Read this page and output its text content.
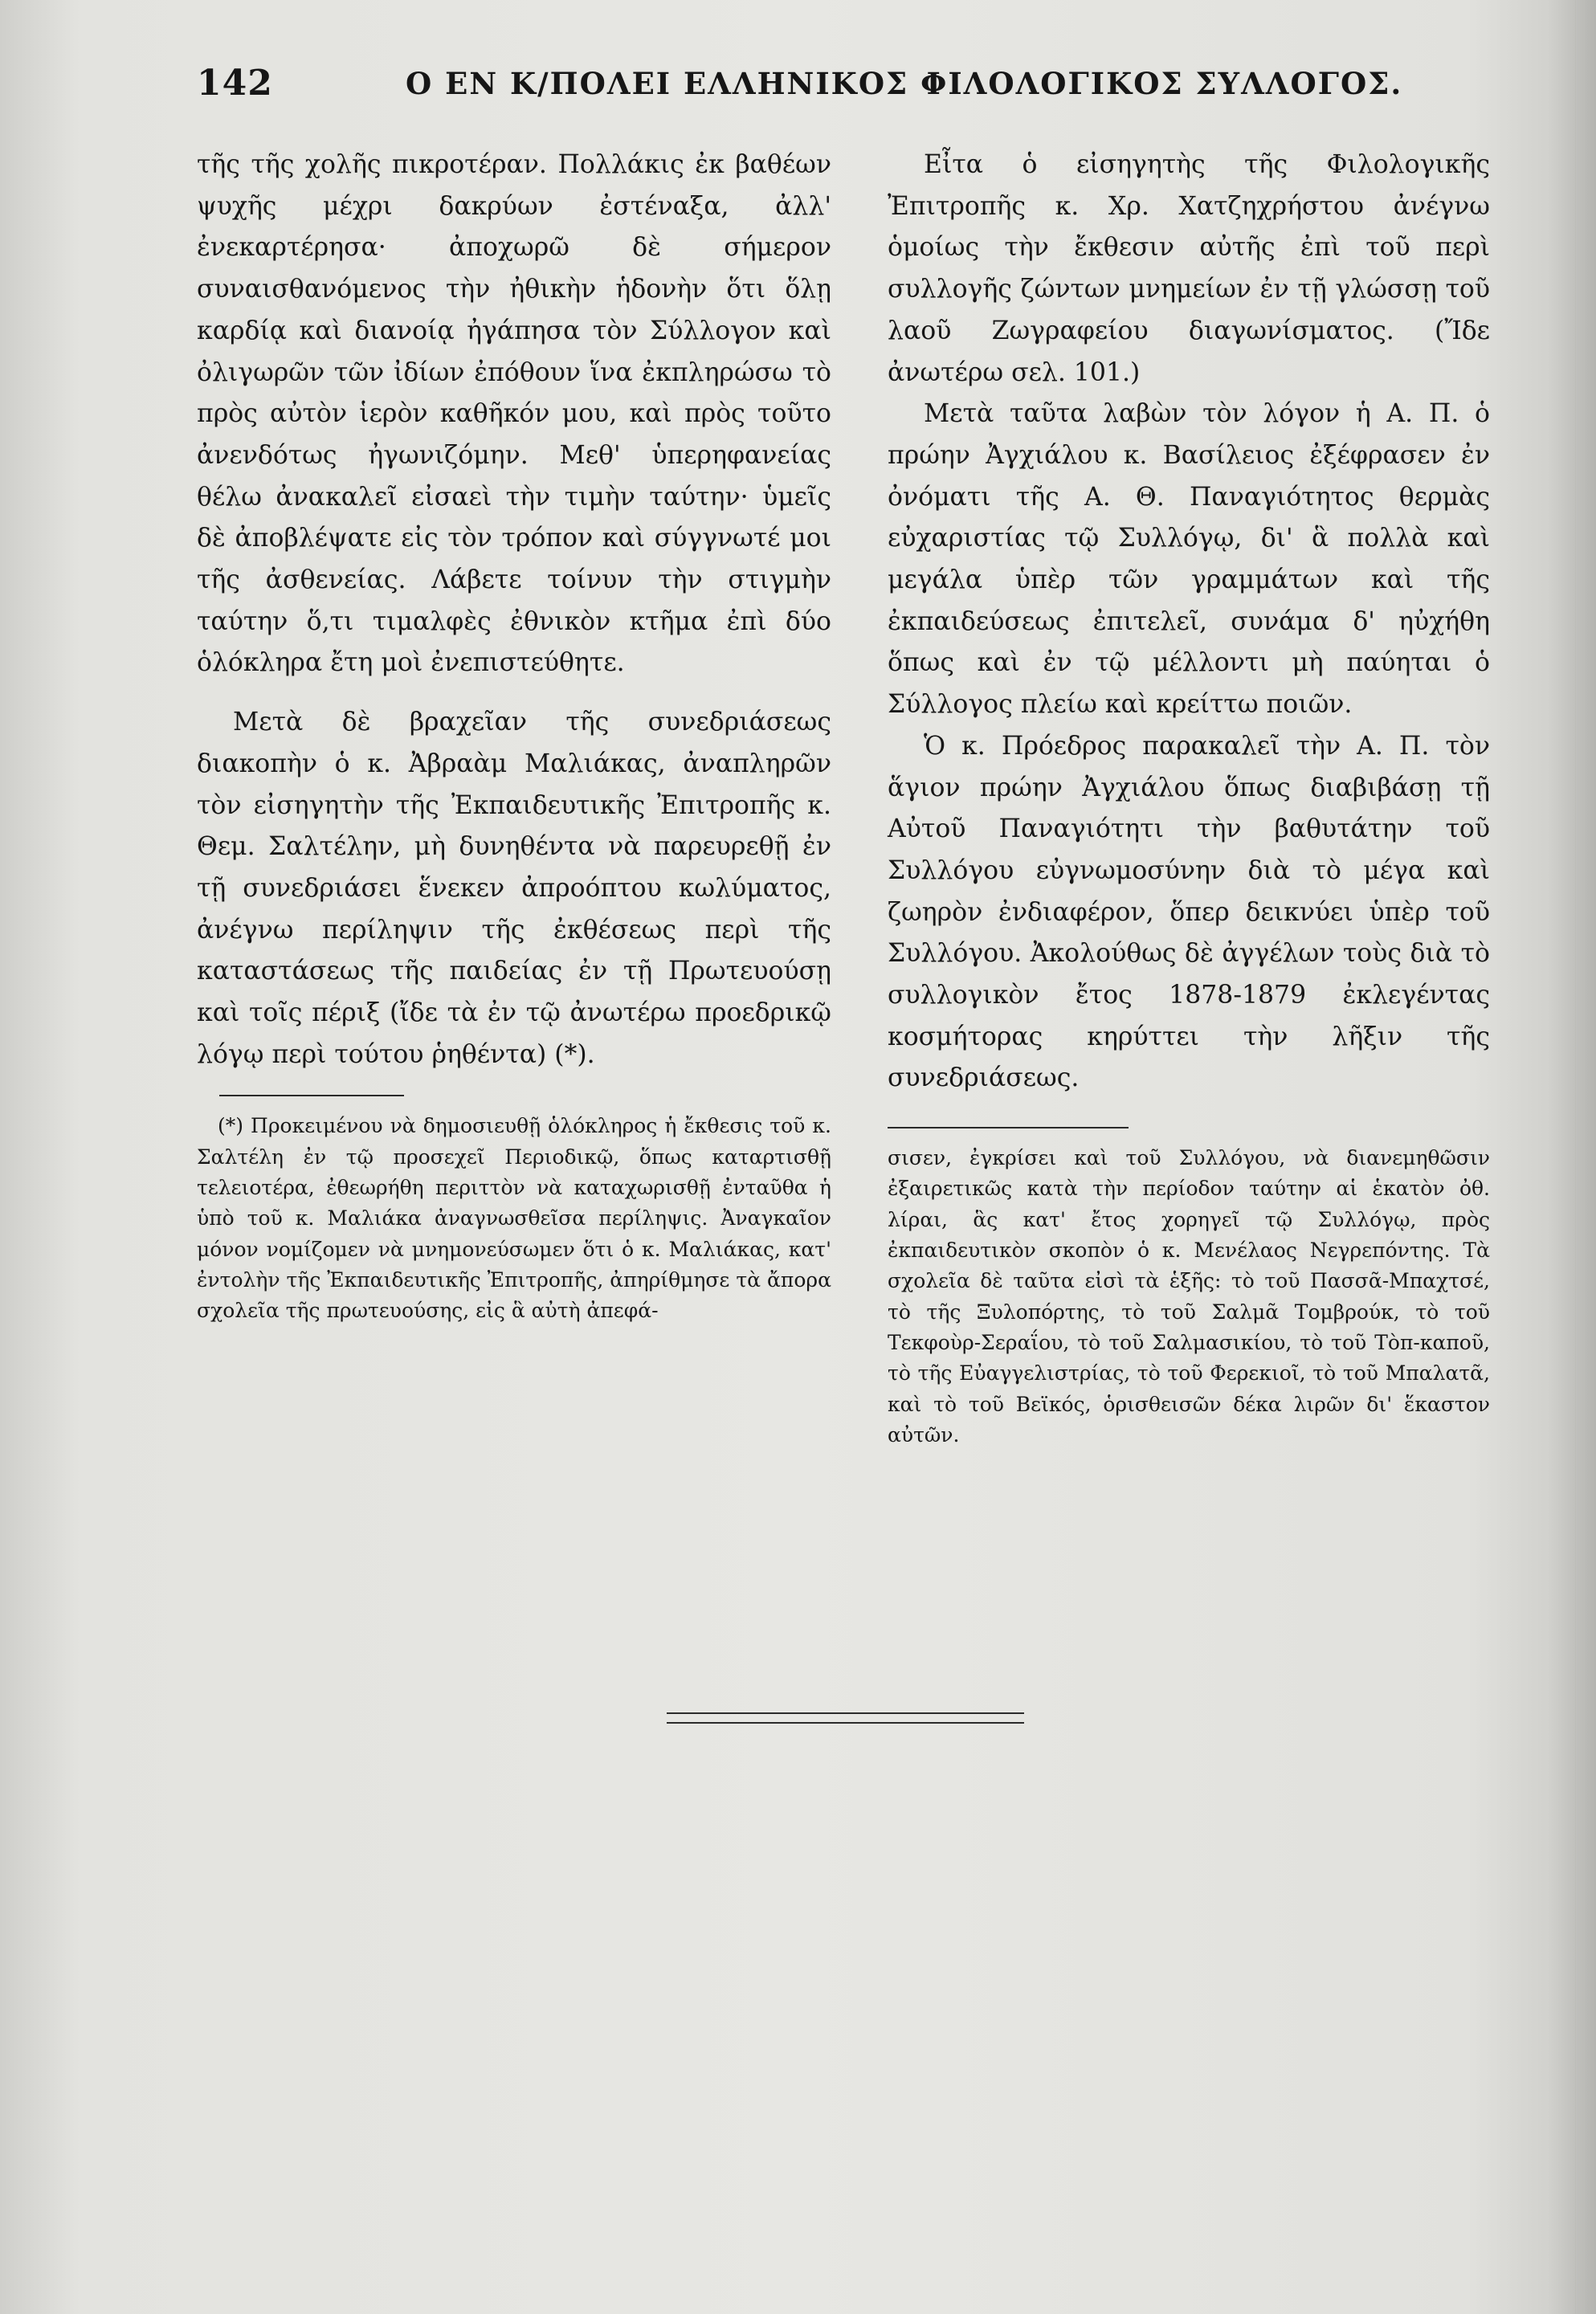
142	Ο ΕΝ Κ/ΠΟΛΕΙ ΕΛΛΗΝΙΚΟΣ ΦΙΛΟΛΟΓΙΚΟΣ ΣΥΛΛΟΓΟΣ.

τῆς τῆς χολῆς πικροτέραν. Πολλάκις ἐκ βαθέων ψυχῆς μέχρι δακρύων ἐστέναξα, ἀλλ' ἐνεκαρτέρησα· ἀποχωρῶ δὲ σήμερον συναισθανόμενος τὴν ἠθικὴν ἡδονὴν ὅτι ὅλῃ καρδίᾳ καὶ διανοίᾳ ἠγάπησα τὸν Σύλλογον καὶ ὀλιγωρῶν τῶν ἰδίων ἐπόθουν ἵνα ἐκπληρώσω τὸ πρὸς αὐτὸν ἱερὸν καθῆκόν μου, καὶ πρὸς τοῦτο ἀνενδότως ἠγωνιζόμην. Μεθ' ὑπερηφανείας θέλω ἀνακαλεῖ εἰσαεὶ τὴν τιμὴν ταύτην· ὑμεῖς δὲ ἀποβλέψατε εἰς τὸν τρόπον καὶ σύγγνωτέ μοι τῆς ἀσθενείας. Λάβετε τοίνυν τὴν στιγμὴν ταύτην ὅ,τι τιμαλφὲς ἐθνικὸν κτῆμα ἐπὶ δύο ὁλόκληρα ἔτη μοὶ ἐνεπιστεύθητε.

Μετὰ δὲ βραχεῖαν τῆς συνεδριάσεως διακοπὴν ὁ κ. Ἀβραὰμ Μαλιάκας, ἀναπληρῶν τὸν εἰσηγητὴν τῆς Ἐκπαιδευτικῆς Ἐπιτροπῆς κ. Θεμ. Σαλτέλην, μὴ δυνηθέντα νὰ παρευρεθῇ ἐν τῇ συνεδριάσει ἕνεκεν ἀπροόπτου κωλύματος, ἀνέγνω περίληψιν τῆς ἐκθέσεως περὶ τῆς καταστάσεως τῆς παιδείας ἐν τῇ Πρωτευούσῃ καὶ τοῖς πέριξ (ἴδε τὰ ἐν τῷ ἀνωτέρω προεδρικῷ λόγῳ περὶ τούτου ῥηθέντα) (*).

(*) Προκειμένου νὰ δημοσιευθῇ ὁλόκληρος ἡ ἔκθεσις τοῦ κ. Σαλτέλη ἐν τῷ προσεχεῖ Περιοδικῷ, ὅπως καταρτισθῇ τελειοτέρα, ἐθεωρήθη περιττὸν νὰ καταχωρισθῇ ἐνταῦθα ἡ ὑπὸ τοῦ κ. Μαλιάκα ἀναγνωσθεῖσα περίληψις. Ἀναγκαῖον μόνον νομίζομεν νὰ μνημονεύσωμεν ὅτι ὁ κ. Μαλιάκας, κατ' ἐντολὴν τῆς Ἐκπαιδευτικῆς Ἐπιτροπῆς, ἀπηρίθμησε τὰ ἄπορα σχολεῖα τῆς πρωτευούσης, εἰς ἃ αὐτὴ ἀπεφά-

Εἶτα ὁ εἰσηγητὴς τῆς Φιλολογικῆς Ἐπιτροπῆς κ. Χρ. Χατζηχρήστου ἀνέγνω ὁμοίως τὴν ἔκθεσιν αὐτῆς ἐπὶ τοῦ περὶ συλλογῆς ζώντων μνημείων ἐν τῇ γλώσσῃ τοῦ λαοῦ Ζωγραφείου διαγωνίσματος. (Ἴδε ἀνωτέρω σελ. 101.)

Μετὰ ταῦτα λαβὼν τὸν λόγον ἡ Α. Π. ὁ πρώην Ἀγχιάλου κ. Βασίλειος ἐξέφρασεν ἐν ὀνόματι τῆς Α. Θ. Παναγιότητος θερμὰς εὐχαριστίας τῷ Συλλόγῳ, δι' ἃ πολλὰ καὶ μεγάλα ὑπὲρ τῶν γραμμάτων καὶ τῆς ἐκπαιδεύσεως ἐπιτελεῖ, συνάμα δ' ηὐχήθη ὅπως καὶ ἐν τῷ μέλλοντι μὴ παύηται ὁ Σύλλογος πλείω καὶ κρείττω ποιῶν.

Ὁ κ. Πρόεδρος παρακαλεῖ τὴν Α. Π. τὸν ἅγιον πρώην Ἀγχιάλου ὅπως διαβιβάσῃ τῇ Αὐτοῦ Παναγιότητι τὴν βαθυτάτην τοῦ Συλλόγου εὐγνωμοσύνην διὰ τὸ μέγα καὶ ζωηρὸν ἐνδιαφέρον, ὅπερ δεικνύει ὑπὲρ τοῦ Συλλόγου. Ἀκολούθως δὲ ἀγγέλων τοὺς διὰ τὸ συλλογικὸν ἔτος 1878-1879 ἐκλεγέντας κοσμήτορας κηρύττει τὴν λῆξιν τῆς συνεδριάσεως.

σισεν, ἐγκρίσει καὶ τοῦ Συλλόγου, νὰ διανεμηθῶσιν ἐξαιρετικῶς κατὰ τὴν περίοδον ταύτην αἱ ἑκατὸν ὀθ. λίραι, ἃς κατ' ἔτος χορηγεῖ τῷ Συλλόγῳ, πρὸς ἐκπαιδευτικὸν σκοπὸν ὁ κ. Μενέλαος Νεγρεπόντης. Τὰ σχολεῖα δὲ ταῦτα εἰσὶ τὰ ἑξῆς: τὸ τοῦ Πασσᾶ-Μπαχτσέ, τὸ τῆς Ξυλοπόρτης, τὸ τοῦ Σαλμᾶ Τομβρούκ, τὸ τοῦ Τεκφοὺρ-Σεραΐου, τὸ τοῦ Σαλμασικίου, τὸ τοῦ Τὸπ-καποῦ, τὸ τῆς Εὐαγγελιστρίας, τὸ τοῦ Φερεκιοῖ, τὸ τοῦ Μπαλατᾶ, καὶ τὸ τοῦ Βεϊκός, ὁρισθεισῶν δέκα λιρῶν δι' ἕκαστον αὐτῶν.
